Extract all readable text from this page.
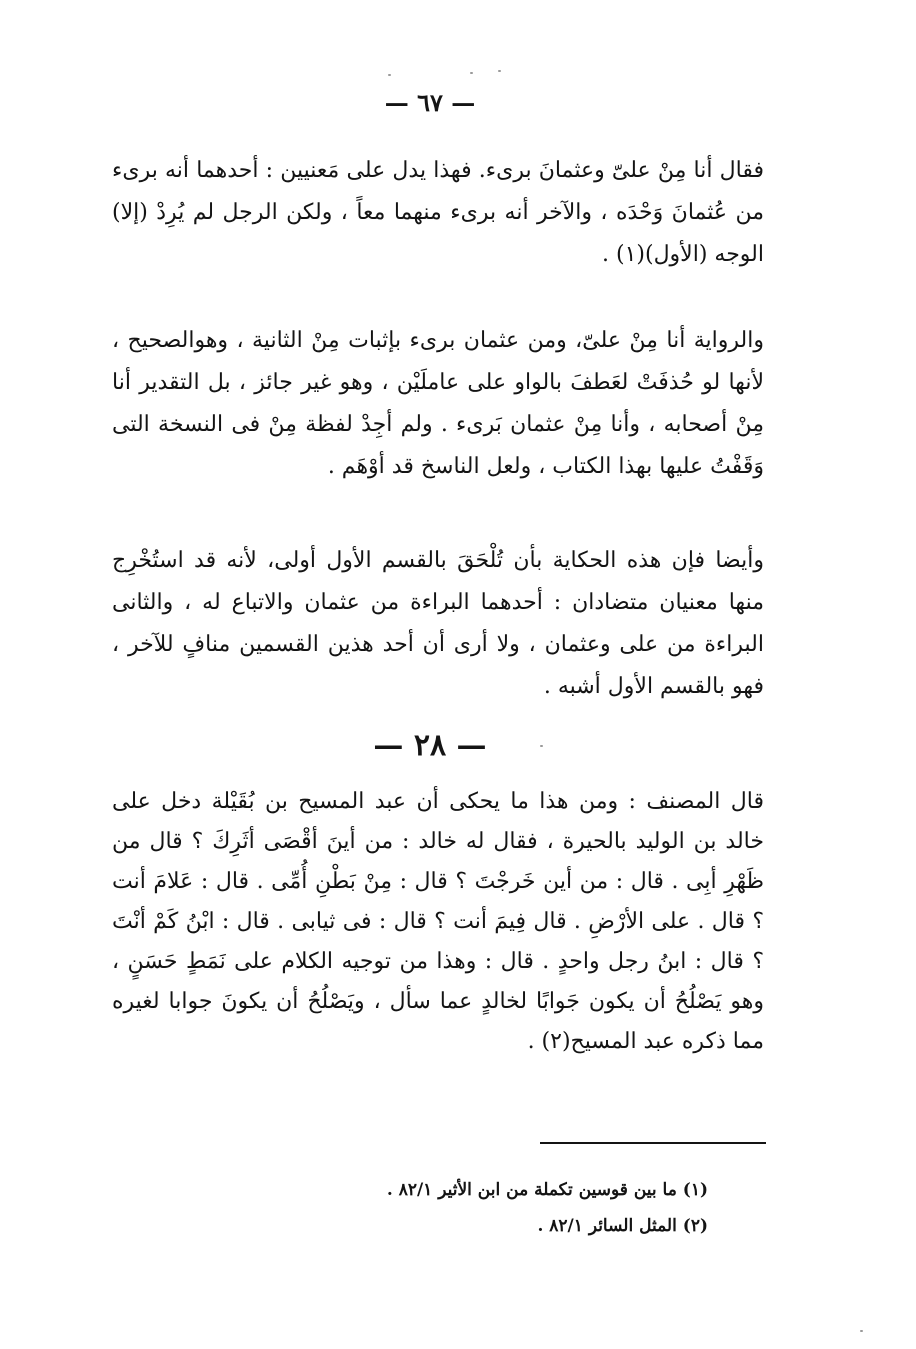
— ٦٧ —

فقال أنا مِنْ علىّ وعثمانَ برىء. فهذا يدل على مَعنيين : أحدهما أنه برىء من عُثمانَ وَحْدَه ، والآخر أنه برىء منهما معاً ، ولكن الرجل لم يُرِدْ (إلا) الوجه (الأول)(١) .

والرواية أنا مِنْ علىّ، ومن عثمان برىء بإثبات مِنْ الثانية ، وهوالصحيح ، لأنها لو حُذفَتْ لعَطفَ بالواو على عاملَيْن ، وهو غير جائز ، بل التقدير أنا مِنْ أصحابه ، وأنا مِنْ عثمان بَرىء . ولم أجِدْ لفظة مِنْ فى النسخة التى وَقَفْتُ عليها بهذا الكتاب ، ولعل الناسخ قد أوْهَم .

وأيضا فإن هذه الحكاية بأن تُلْحَقَ بالقسم الأول أولى، لأنه قد استُخْرِج منها معنيان متضادان : أحدهما البراءة من عثمان والاتباع له ، والثانى البراءة من على وعثمان ، ولا أرى أن أحد هذين القسمين منافٍ للآخر ، فهو بالقسم الأول أشبه .

— ٢٨ —

قال المصنف : ومن هذا ما يحكى أن عبد المسيح بن بُقَيْلة دخل على خالد بن الوليد بالحيرة ، فقال له خالد : من أينَ أقْصَى أثَرِكَ ؟ قال من ظَهْرِ أبِى . قال : من أين خَرجْتَ ؟ قال : مِنْ بَطْنِ أُمِّى . قال : عَلامَ أنت ؟ قال . على الأرْضِ . قال فِيمَ أنت ؟ قال : فى ثيابى . قال : ابْنُ كَمْ أنْتَ ؟ قال : ابنُ رجل واحدٍ . قال : وهذا من توجيه الكلام على نَمَطٍ حَسَنٍ ، وهو يَصْلُحُ أن يكون جَوابًا لخالدٍ عما سأل ، ويَصْلُحُ أن يكونَ جوابا لغيره مما ذكره عبد المسيح(٢) .

(١) ما بين قوسين تكملة من ابن الأثير ٨٢/١ .
(٢) المثل السائر ٨٢/١ .
